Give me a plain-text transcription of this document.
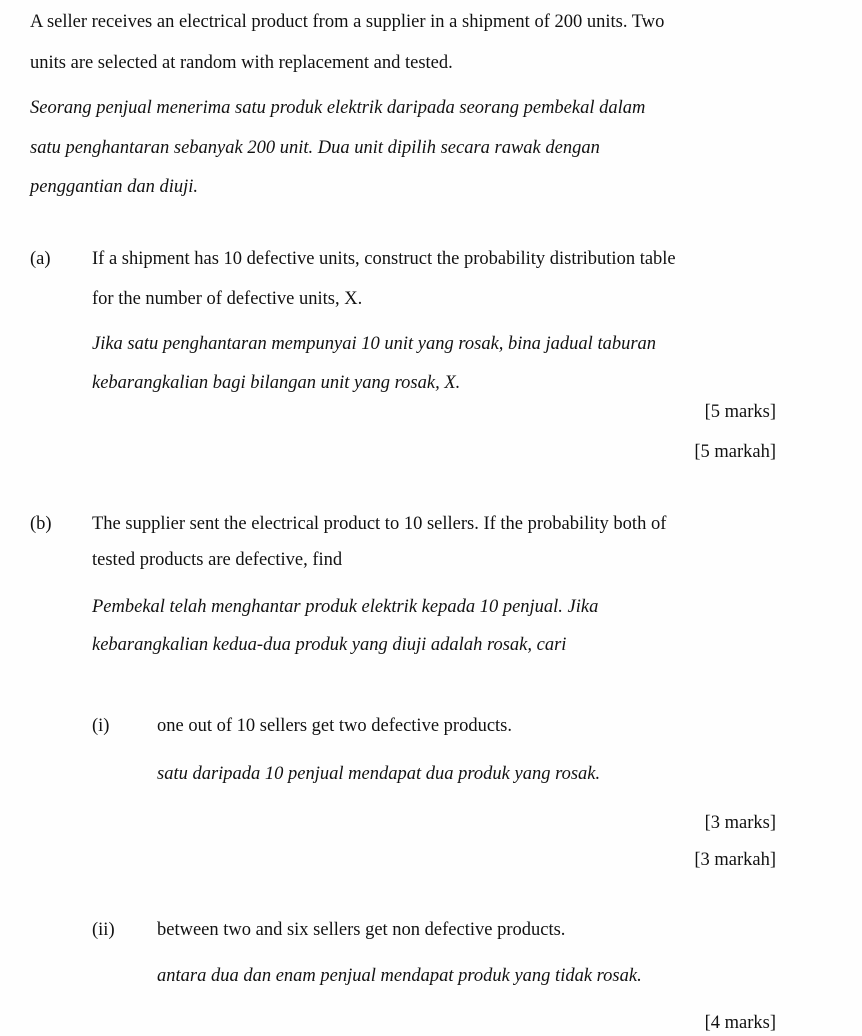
A seller receives an electrical product from a supplier in a shipment of 200 units. Two

units are selected at random with replacement and tested.

Seorang penjual menerima satu produk elektrik daripada seorang pembekal dalam

satu penghantaran sebanyak 200 unit. Dua unit dipilih secara rawak dengan

penggantian dan diuji.

(a) If a shipment has 10 defective units, construct the probability distribution table

for the number of defective units, X.

Jika satu penghantaran mempunyai 10 unit yang rosak, bina jadual taburan

kebarangkalian bagi bilangan unit yang rosak, X.

[5 marks]

[5 markah]

(b) The supplier sent the electrical product to 10 sellers. If the probability both of

tested products are defective, find

Pembekal telah menghantar produk elektrik kepada 10 penjual. Jika

kebarangkalian kedua-dua produk yang diuji adalah rosak, cari

(i)	one out of 10 sellers get two defective products.

satu daripada 10 penjual mendapat dua produk yang rosak.

[3 marks]

[3 markah]

(ii) between two and six sellers get non defective products.

antara dua dan enam penjual mendapat produk yang tidak rosak.

[4 marks]
